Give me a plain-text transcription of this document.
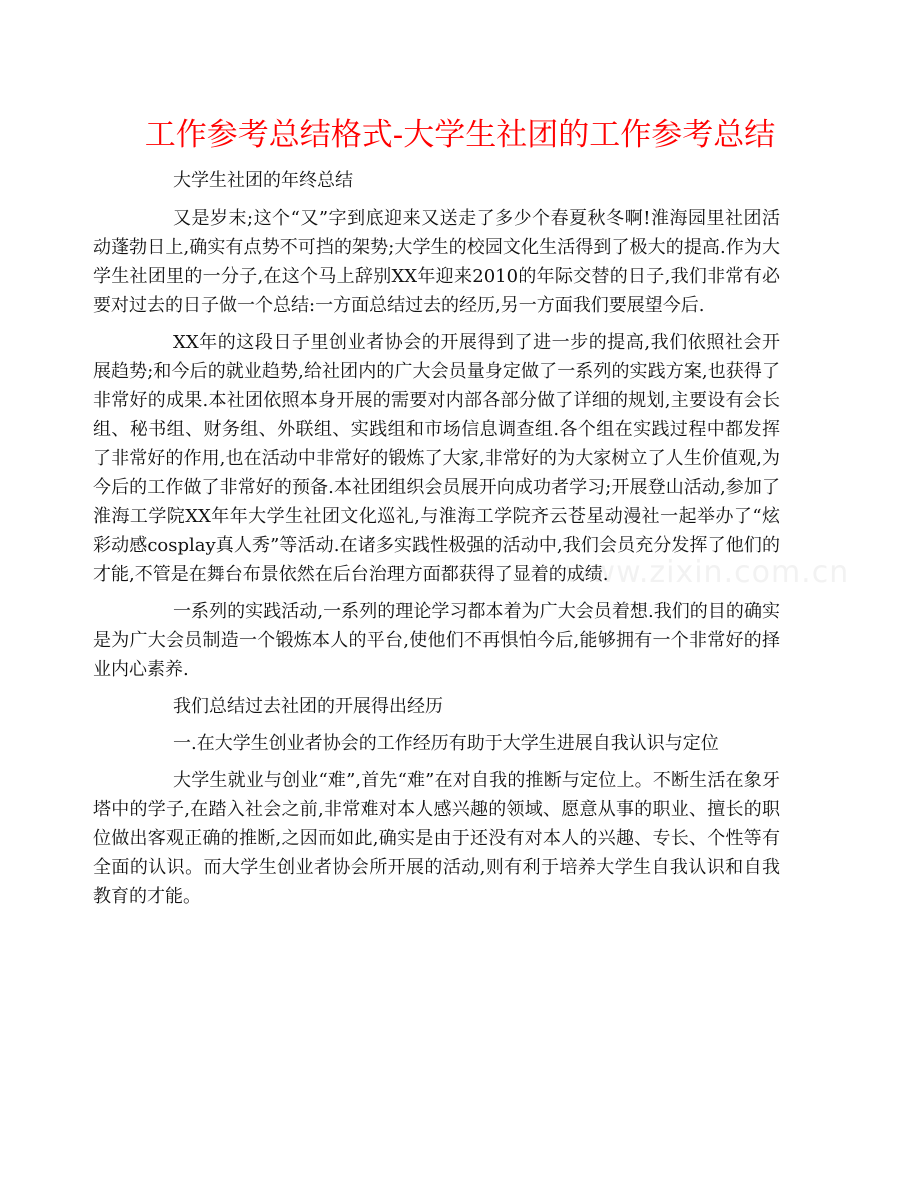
工作参考总结格式-大学生社团的工作参考总结
www.zixin.com.cn

大学生社团的年终总结

又是岁末;这个“又”字到底迎来又送走了多少个春夏秋冬啊!淮海园里社团活动蓬勃日上,确实有点势不可挡的架势;大学生的校园文化生活得到了极大的提高.作为大学生社团里的一分子,在这个马上辞别XX年迎来2010的年际交替的日子,我们非常有必要对过去的日子做一个总结:一方面总结过去的经历,另一方面我们要展望今后.

XX年的这段日子里创业者协会的开展得到了进一步的提高,我们依照社会开展趋势;和今后的就业趋势,给社团内的广大会员量身定做了一系列的实践方案,也获得了非常好的成果.本社团依照本身开展的需要对内部各部分做了详细的规划,主要设有会长组、秘书组、财务组、外联组、实践组和市场信息调查组.各个组在实践过程中都发挥了非常好的作用,也在活动中非常好的锻炼了大家,非常好的为大家树立了人生价值观,为今后的工作做了非常好的预备.本社团组织会员展开向成功者学习;开展登山活动,参加了淮海工学院XX年年大学生社团文化巡礼,与淮海工学院齐云苍星动漫社一起举办了“炫彩动感cosplay真人秀”等活动.在诸多实践性极强的活动中,我们会员充分发挥了他们的才能,不管是在舞台布景依然在后台治理方面都获得了显着的成绩.

一系列的实践活动,一系列的理论学习都本着为广大会员着想.我们的目的确实是为广大会员制造一个锻炼本人的平台,使他们不再惧怕今后,能够拥有一个非常好的择业内心素养.

我们总结过去社团的开展得出经历

一.在大学生创业者协会的工作经历有助于大学生进展自我认识与定位

大学生就业与创业“难”,首先“难”在对自我的推断与定位上。不断生活在象牙塔中的学子,在踏入社会之前,非常难对本人感兴趣的领域、愿意从事的职业、擅长的职位做出客观正确的推断,之因而如此,确实是由于还没有对本人的兴趣、专长、个性等有全面的认识。而大学生创业者协会所开展的活动,则有利于培养大学生自我认识和自我教育的才能。
